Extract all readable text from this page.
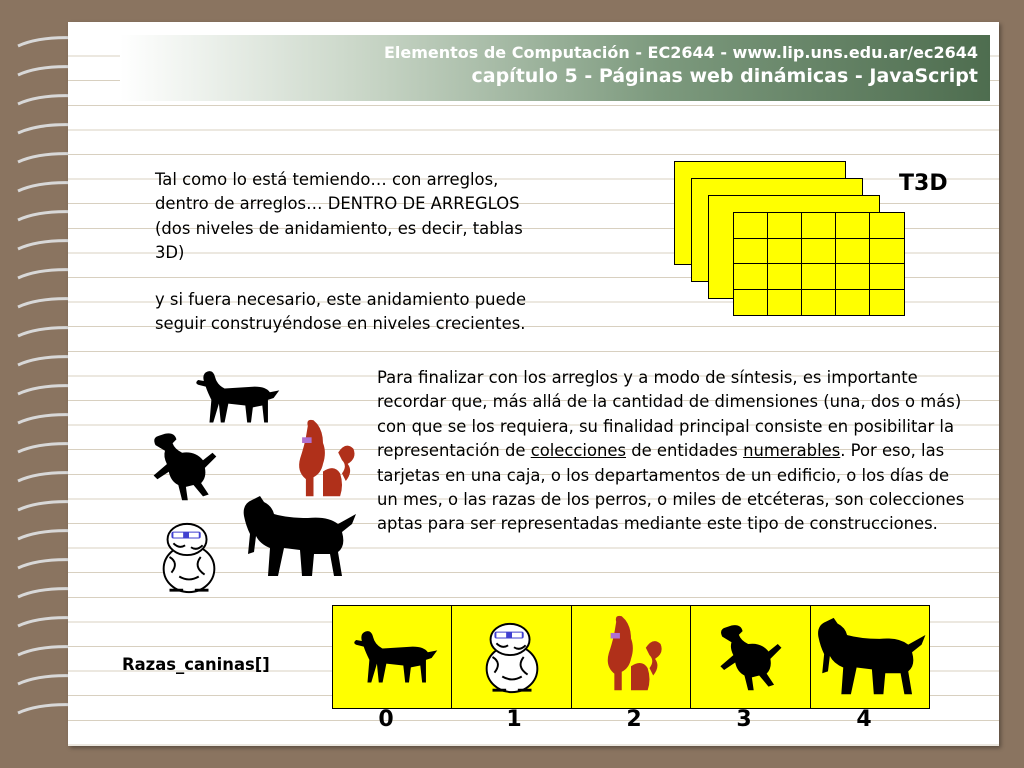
Elementos de Computación - EC2644 - www.lip.uns.edu.ar/ec2644
capítulo 5 - Páginas web dinámicas - JavaScript
Tal como lo está temiendo… con arreglos,
dentro de arreglos… DENTRO DE ARREGLOS
(dos niveles de anidamiento, es decir, tablas
3D)
y si fuera necesario, este anidamiento puede
seguir construyéndose en niveles crecientes.
T3D
Para finalizar con los arreglos y a modo de síntesis, es importante recordar que, más allá de la cantidad de dimensiones (una, dos o más) con que se los requiera, su finalidad principal consiste en posibilitar la representación de colecciones de entidades numerables. Por eso, las tarjetas en una caja, o los departamentos de un edificio, o los días de un mes, o las razas de los perros, o miles de etcéteras, son colecciones aptas para ser representadas mediante este tipo de construcciones.
Razas_caninas[]
0	1	2	3	4
